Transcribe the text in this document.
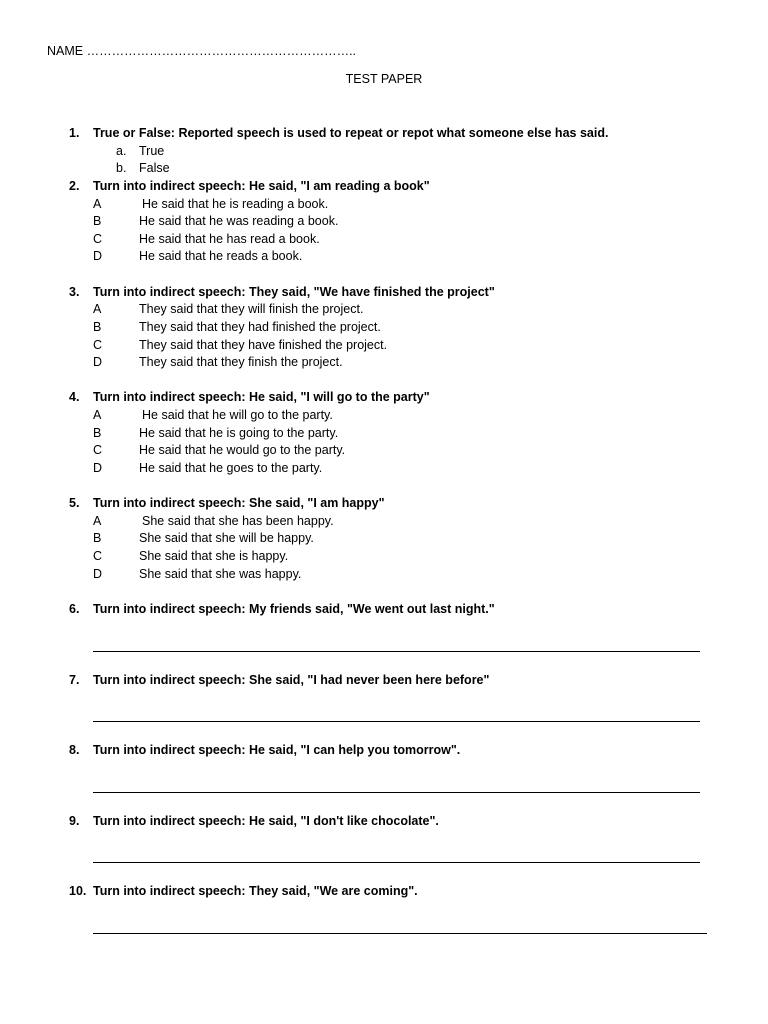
NAME ………………………………………………………..
TEST PAPER
1. True or False: Reported speech is used to repeat or repot what someone else has said.
a. True
b. False
2. Turn into indirect speech: He said, "I am reading a book"
A	He said that he is reading a book.
B	He said that he was reading a book.
C	He said that he has read a book.
D	He said that he reads a book.
3. Turn into indirect speech: They said, "We have finished the project"
A	They said that they will finish the project.
B	They said that they had finished the project.
C	They said that they have finished the project.
D	They said that they finish the project.
4. Turn into indirect speech: He said, "I will go to the party"
A	He said that he will go to the party.
B	He said that he is going to the party.
C	He said that he would go to the party.
D	He said that he goes to the party.
5. Turn into indirect speech: She said, "I am happy"
A	She said that she has been happy.
B	She said that she will be happy.
C	She said that she is happy.
D	She said that she was happy.
6. Turn into indirect speech: My friends said, "We went out last night."
7. Turn into indirect speech: She said, "I had never been here before"
8. Turn into indirect speech: He said, "I can help you tomorrow".
9. Turn into indirect speech: He said, "I don't like chocolate".
10. Turn into indirect speech: They said, "We are coming".
